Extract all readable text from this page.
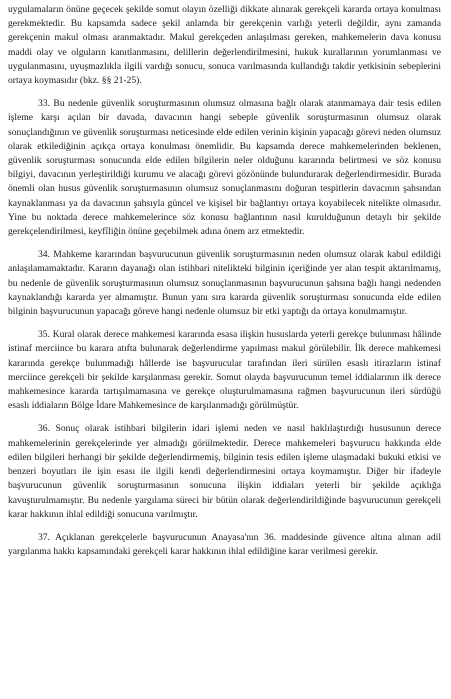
uygulamaların önüne geçecek şekilde somut olayın özelliği dikkate alınarak gerekçeli kararda ortaya konulması gerekmektedir. Bu kapsamda sadece şekil anlamda bir gerekçenin varlığı yeterli değildir, aynı zamanda gerekçenin makul olması aranmaktadır. Makul gerekçeden anlaşılması gereken, mahkemelerin dava konusu maddi olay ve olguların kanıtlanmasını, delillerin değerlendirilmesini, hukuk kurallarının yorumlanması ve uygulanmasını, uyuşmazlıkla ilgili vardığı sonucu, sonuca varılmasında kullandığı takdir yetkisinin sebeplerini ortaya koymasıdır (bkz. §§ 21-25).

33. Bu nedenle güvenlik soruşturmasının olumsuz olmasına bağlı olarak atanmamaya dair tesis edilen işleme karşı açılan bir davada, davacının hangi sebeple güvenlik soruşturmasının olumsuz olarak sonuçlandığının ve güvenlik soruşturması neticesinde elde edilen verinin kişinin yapacağı görevi neden olumsuz olarak etkilediğinin açıkça ortaya konulması önemlidir. Bu kapsamda derece mahkemelerinden beklenen, güvenlik soruşturması sonucunda elde edilen bilgilerin neler olduğunu kararında belirtmesi ve söz konusu bilgiyi, davacının yerleştirildiği kurumu ve alacağı görevi gözönünde bulundurarak değerlendirmesidir. Burada önemli olan husus güvenlik soruşturmasının olumsuz sonuçlanmasını doğuran tespitlerin davacının şahsından kaynaklanması ya da davacının şahsıyla güncel ve kişisel bir bağlantıyı ortaya koyabilecek nitelikte olmasıdır. Yine bu noktada derece mahkemelerince söz konusu bağlantının nasıl kurulduğunun detaylı bir şekilde gerekçelendirilmesi, keyfîliğin önüne geçebilmek adına önem arz etmektedir.

34. Mahkeme kararından başvurucunun güvenlik soruşturmasının neden olumsuz olarak kabul edildiği anlaşılamamaktadır. Kararın dayanağı olan istihbari nitelikteki bilginin içeriğinde yer alan tespit aktarılmamış, bu nedenle de güvenlik soruşturmasının olumsuz sonuçlanmasının başvurucunun şahsına bağlı hangi nedenden kaynaklandığı kararda yer almamıştır. Bunun yanı sıra kararda güvenlik soruşturması sonucunda elde edilen bilginin başvurucunun yapacağı göreve hangi nedenle olumsuz bir etki yaptığı da ortaya konulmamıştır.

35. Kural olarak derece mahkemesi kararında esasa ilişkin hususlarda yeterli gerekçe bulunması hâlinde istinaf merciince bu karara atıfta bulunarak değerlendirme yapılması makul görülebilir. İlk derece mahkemesi kararında gerekçe bulunmadığı hâllerde ise başvurucular tarafından ileri sürülen esaslı itirazların istinaf merciince gerekçeli bir şekilde karşılanması gerekir. Somut olayda başvurucunun temel iddialarının ilk derece mahkemesince kararda tartışılmamasına ve gerekçe oluşturulmamasına rağmen başvurucunun ileri sürdüğü esaslı iddiaların Bölge İdare Mahkemesince de karşılanmadığı görülmüştür.

36. Sonuç olarak istihbari bilgilerin idari işlemi neden ve nasıl haklılaştırdığı hususunun derece mahkemelerinin gerekçelerinde yer almadığı görülmektedir. Derece mahkemeleri başvurucu hakkında elde edilen bilgileri herhangi bir şekilde değerlendirmemiş, bilginin tesis edilen işleme ulaşmadaki bukuki etkisi ve benzeri boyutları ile işin esası ile ilgili kendi değerlendirmesini ortaya koymamıştır. Diğer bir ifadeyle başvurucunun güvenlik soruşturmasının sonucuna ilişkin iddiaları yeterli bir şekilde açıklığa kavuşturulmamıştır. Bu nedenle yargılama süreci bir bütün olarak değerlendirildiğinde başvurucunun gerekçeli karar hakkının ihlal edildiği sonucuna varılmıştır.

37. Açıklanan gerekçelerle başvurucunun Anayasa'nın 36. maddesinde güvence altına alınan adil yargılanma hakkı kapsamındaki gerekçeli karar hakkının ihlal edildiğine karar verilmesi gerekir.
